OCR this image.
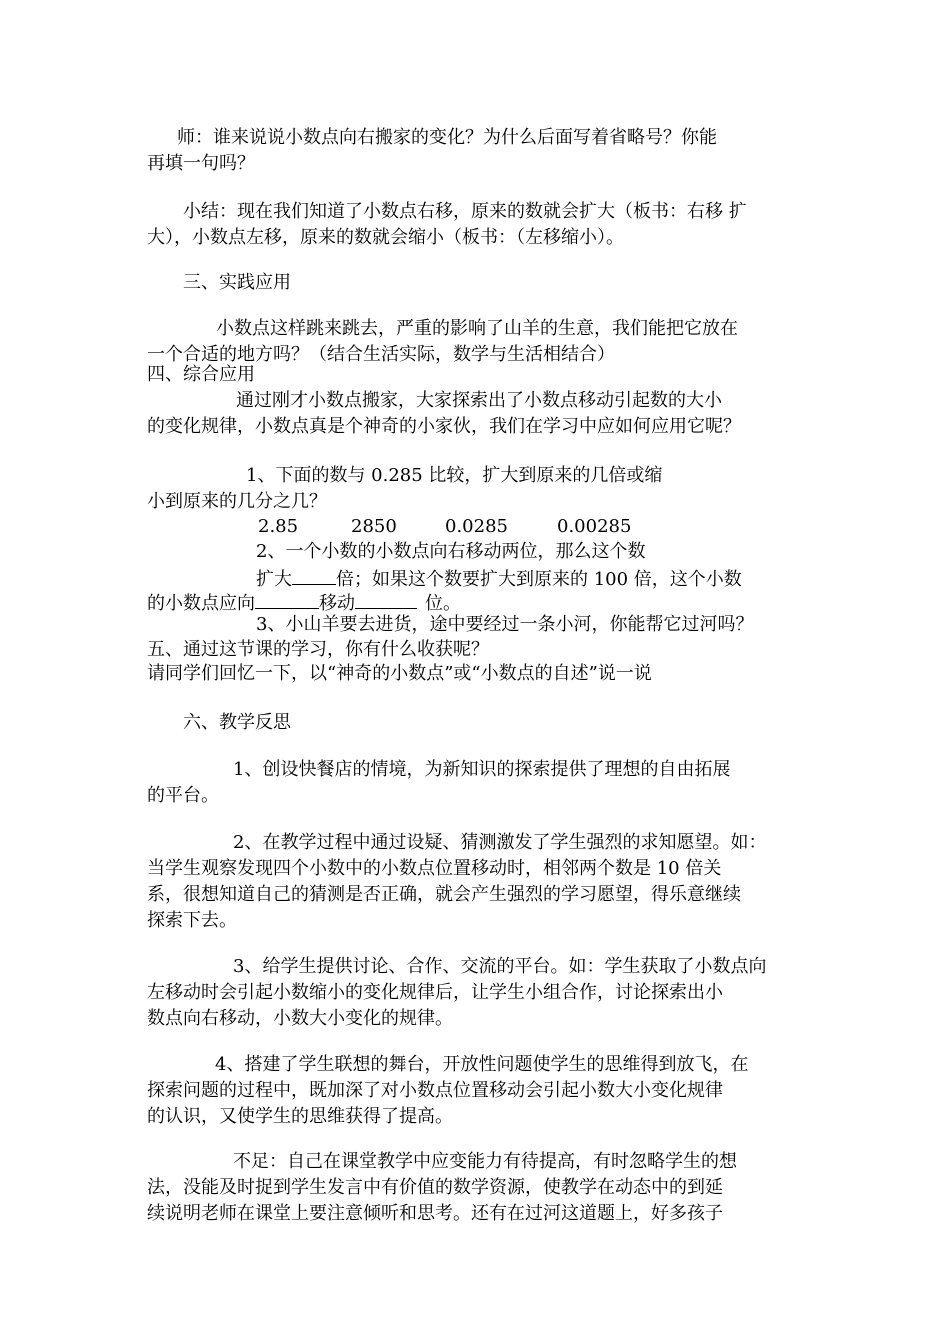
师：谁来说说小数点向右搬家的变化？为什么后面写着省略号？你能
再填一句吗？
小结：现在我们知道了小数点右移，原来的数就会扩大（板书：右移 扩
大），小数点左移，原来的数就会缩小（板书：（左移缩小）。
三、实践应用
小数点这样跳来跳去，严重的影响了山羊的生意，我们能把它放在
一个合适的地方吗？（结合生活实际，数学与生活相结合）
四、综合应用
通过刚才小数点搬家，大家探索出了小数点移动引起数的大小
的变化规律，小数点真是个神奇的小家伙，我们在学习中应如何应用它呢？
1、下面的数与 0.285 比较，扩大到原来的几倍或缩
小到原来的几分之几？
2.85	2850	0.0285	0.00285
2、一个小数的小数点向右移动两位，那么这个数
扩大 倍；如果这个数要扩大到原来的 100 倍，这个小数
的小数点应向	移动	位。
3、小山羊要去进货，途中要经过一条小河，你能帮它过河吗？
五、通过这节课的学习，你有什么收获呢？
请同学们回忆一下，以“神奇的小数点”或“小数点的自述”说一说
六、教学反思
1、创设快餐店的情境，为新知识的探索提供了理想的自由拓展
的平台。
2、在教学过程中通过设疑、猜测激发了学生强烈的求知愿望。如：
当学生观察发现四个小数中的小数点位置移动时，相邻两个数是 10 倍关
系，很想知道自己的猜测是否正确，就会产生强烈的学习愿望，得乐意继续
探索下去。
3、给学生提供讨论、合作、交流的平台。如：学生获取了小数点向
左移动时会引起小数缩小的变化规律后，让学生小组合作，讨论探索出小
数点向右移动，小数大小变化的规律。
4、搭建了学生联想的舞台，开放性问题使学生的思维得到放飞，在
探索问题的过程中，既加深了对小数点位置移动会引起小数大小变化规律
的认识，又使学生的思维获得了提高。
不足：自己在课堂教学中应变能力有待提高，有时忽略学生的想
法，没能及时捉到学生发言中有价值的数学资源，使教学在动态中的到延
续说明老师在课堂上要注意倾听和思考。还有在过河这道题上，好多孩子
